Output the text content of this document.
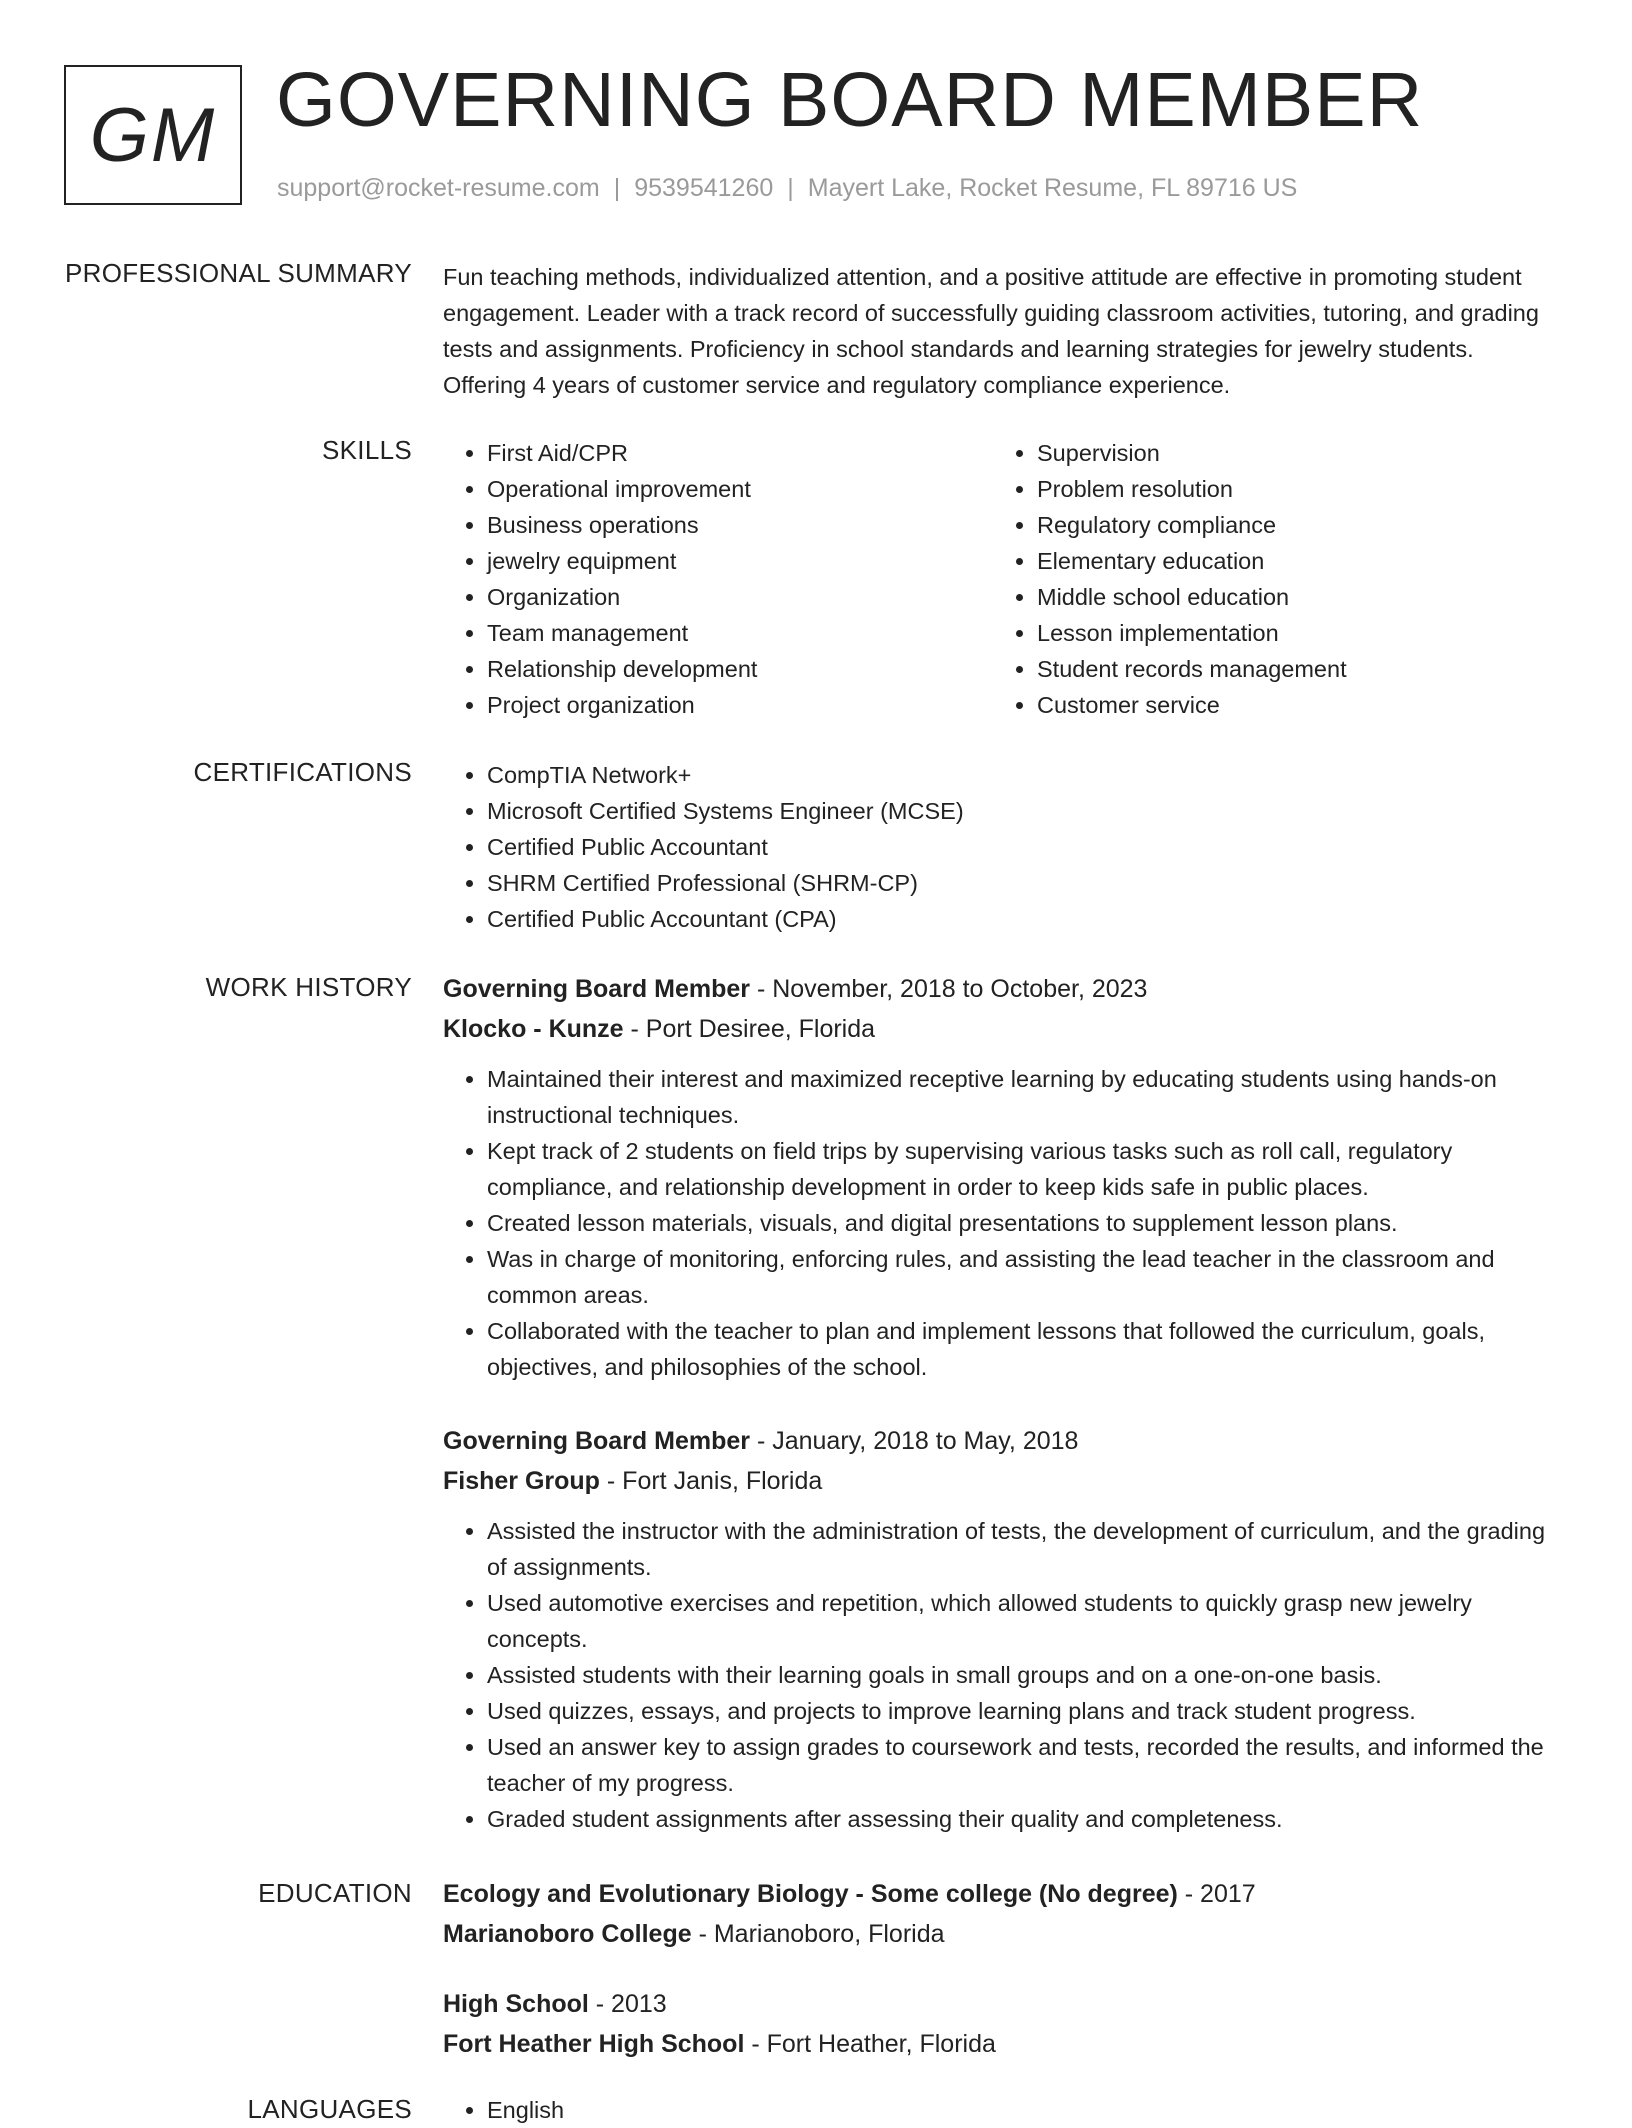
GM GOVERNING BOARD MEMBER
support@rocket-resume.com | 9539541260 | Mayert Lake, Rocket Resume, FL 89716 US
PROFESSIONAL SUMMARY Fun teaching methods, individualized attention, and a positive attitude are effective in promoting student engagement. Leader with a track record of successfully guiding classroom activities, tutoring, and grading tests and assignments. Proficiency in school standards and learning strategies for jewelry students. Offering 4 years of customer service and regulatory compliance experience.
SKILLS	• First Aid/CPR
• Operational improvement
• Business operations
• jewelry equipment
• Organization
• Team management
• Relationship development
• Project organization
• Supervision
• Problem resolution
• Regulatory compliance
• Elementary education
• Middle school education
• Lesson implementation
• Student records management
• Customer service
CERTIFICATIONS	• CompTIA Network+
• Microsoft Certified Systems Engineer (MCSE)
• Certified Public Accountant
• SHRM Certified Professional (SHRM-CP)
• Certified Public Accountant (CPA)
WORK HISTORY Governing Board Member - November, 2018 to October, 2023
Klocko - Kunze - Port Desiree, Florida
• Maintained their interest and maximized receptive learning by educating students using hands-on instructional techniques.
• Kept track of 2 students on field trips by supervising various tasks such as roll call, regulatory compliance, and relationship development in order to keep kids safe in public places.
• Created lesson materials, visuals, and digital presentations to supplement lesson plans.
• Was in charge of monitoring, enforcing rules, and assisting the lead teacher in the classroom and common areas.
• Collaborated with the teacher to plan and implement lessons that followed the curriculum, goals, objectives, and philosophies of the school.
Governing Board Member - January, 2018 to May, 2018
Fisher Group - Fort Janis, Florida
• Assisted the instructor with the administration of tests, the development of curriculum, and the grading of assignments.
• Used automotive exercises and repetition, which allowed students to quickly grasp new jewelry concepts.
• Assisted students with their learning goals in small groups and on a one-on-one basis.
• Used quizzes, essays, and projects to improve learning plans and track student progress.
• Used an answer key to assign grades to coursework and tests, recorded the results, and informed the teacher of my progress.
• Graded student assignments after assessing their quality and completeness.
EDUCATION Ecology and Evolutionary Biology - Some college (No degree) - 2017
Marianoboro College - Marianoboro, Florida
High School - 2013
Fort Heather High School - Fort Heather, Florida
LANGUAGES	• English
